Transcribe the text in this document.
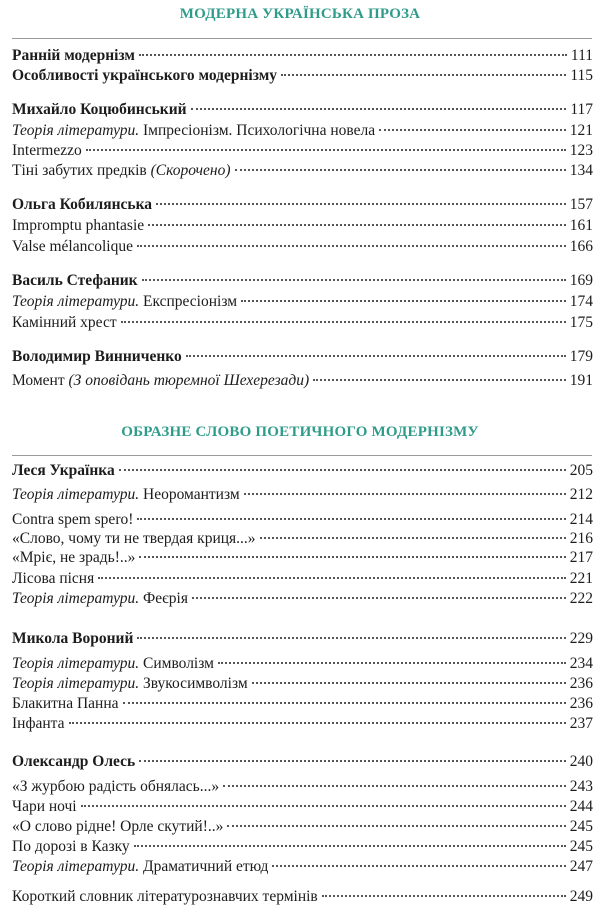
МОДЕРНА УКРАЇНСЬКА ПРОЗА
Ранній модернізм	111
Особливості українського модернізму	115
Михайло Коцюбинський	117
Теорія літератури. Імпресіонізм. Психологічна новела	121
Intermezzo	123
Тіні забутих предків (Скорочено)	134
Ольга Кобилянська	157
Impromptu phantasie	161
Valse mélancolique	166
Василь Стефаник	169
Теорія літератури. Експресіонізм	174
Камінний хрест	175
Володимир Винниченко	179
Момент (З оповідань тюремної Шехерезади)	191
ОБРАЗНЕ СЛОВО ПОЕТИЧНОГО МОДЕРНІЗМУ
Леся Українка	205
Теорія літератури. Неоромантизм	212
Contra spem spero!	214
«Слово, чому ти не твердая криця...»	216
«Мріє, не зрадь!..»	217
Лісова пісня	221
Теорія літератури. Феєрія	222
Микола Вороний	229
Теорія літератури. Символізм	234
Теорія літератури. Звукосимволізм	236
Блакитна Панна	236
Інфанта	237
Олександр Олесь	240
«З журбою радість обнялась...»	243
Чари ночі	244
«О слово рідне! Орле скутий!..»	245
По дорозі в Казку	245
Теорія літератури. Драматичний етюд	247
Короткий словник літературознавчих термінів	249
